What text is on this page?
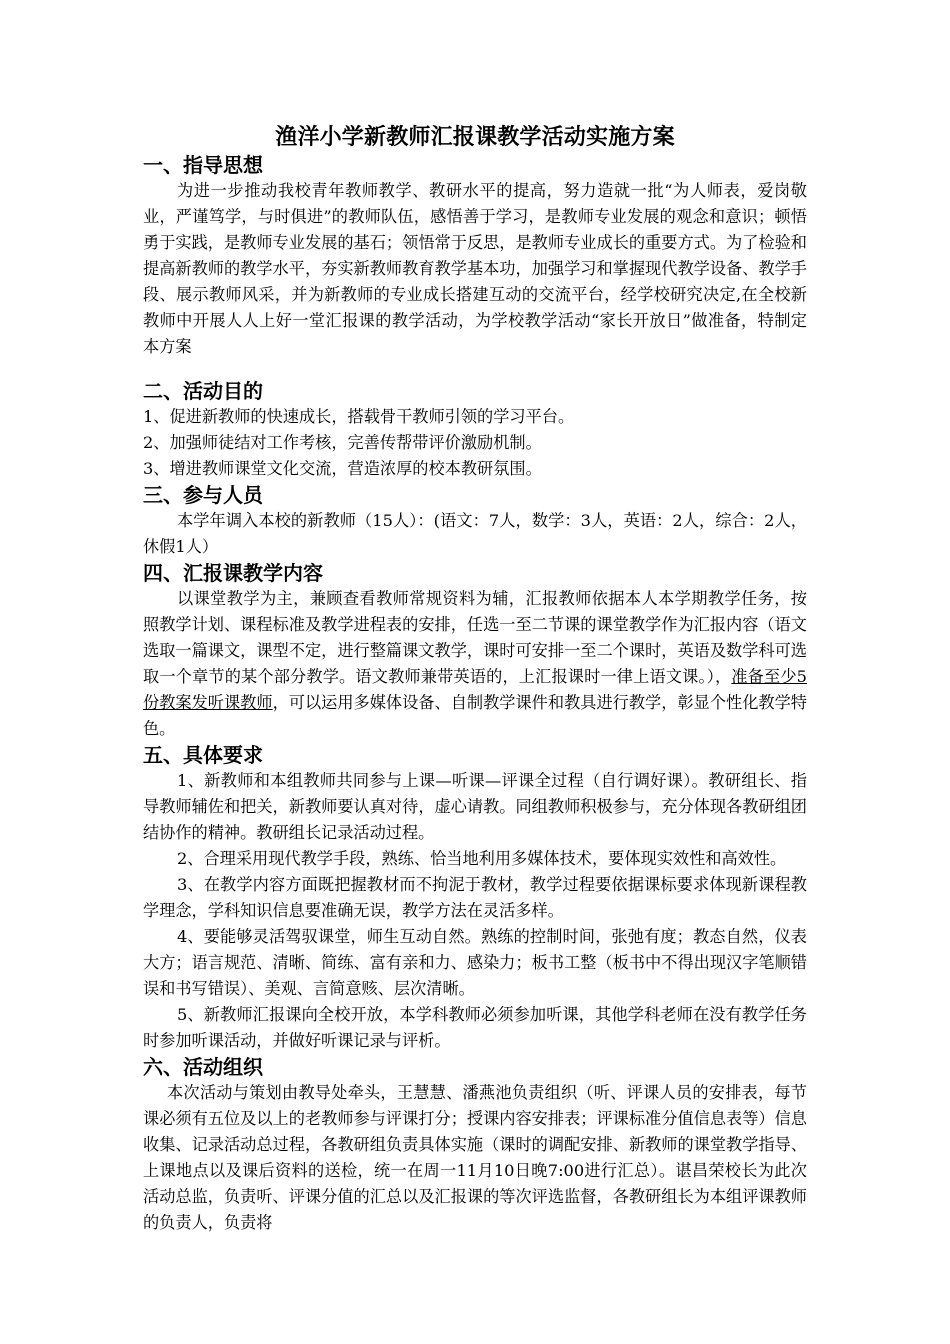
渔洋小学新教师汇报课教学活动实施方案
一、指导思想

为进一步推动我校青年教师教学、教研水平的提高，努力造就一批“为人师表，爱岗敬业，严谨笃学，与时俱进”的教师队伍，感悟善于学习，是教师专业发展的观念和意识；顿悟勇于实践，是教师专业发展的基石；领悟常于反思，是教师专业成长的重要方式。为了检验和提高新教师的教学水平，夯实新教师教育教学基本功，加强学习和掌握现代教学设备、教学手段、展示教师风采，并为新教师的专业成长搭建互动的交流平台，经学校研究决定,在全校新教师中开展人人上好一堂汇报课的教学活动，为学校教学活动“家长开放日”做准备，特制定本方案

二、活动目的

1、促进新教师的快速成长，搭载骨干教师引领的学习平台。

2、加强师徒结对工作考核，完善传帮带评价激励机制。

3、增进教师课堂文化交流，营造浓厚的校本教研氛围。

三、参与人员

本学年调入本校的新教师（15人）：(语文：7人，数学：3人，英语：2人，综合：2人，休假1人）

四、汇报课教学内容

以课堂教学为主，兼顾查看教师常规资料为辅，汇报教师依据本人本学期教学任务，按照教学计划、课程标准及教学进程表的安排，任选一至二节课的课堂教学作为汇报内容（语文选取一篇课文，课型不定，进行整篇课文教学，课时可安排一至二个课时，英语及数学科可选取一个章节的某个部分教学。语文教师兼带英语的，上汇报课时一律上语文课。），准备至少5份教案发听课教师，可以运用多媒体设备、自制教学课件和教具进行教学，彰显个性化教学特色。

五、具体要求

1、新教师和本组教师共同参与上课—听课—评课全过程（自行调好课）。教研组长、指导教师辅佐和把关，新教师要认真对待，虚心请教。同组教师积极参与，充分体现各教研组团结协作的精神。教研组长记录活动过程。

2、合理采用现代教学手段，熟练、恰当地利用多媒体技术，要体现实效性和高效性。

3、在教学内容方面既把握教材而不拘泥于教材，教学过程要依据课标要求体现新课程教学理念，学科知识信息要准确无误，教学方法在灵活多样。

4、要能够灵活驾驭课堂，师生互动自然。熟练的控制时间，张弛有度；教态自然，仪表大方；语言规范、清晰、简练、富有亲和力、感染力；板书工整（板书中不得出现汉字笔顺错误和书写错误）、美观、言简意赅、层次清晰。

5、新教师汇报课向全校开放，本学科教师必须参加听课，其他学科老师在没有教学任务时参加听课活动，并做好听课记录与评析。

六、活动组织

本次活动与策划由教导处牵头，王慧慧、潘燕池负责组织（听、评课人员的安排表，每节课必须有五位及以上的老教师参与评课打分；授课内容安排表；评课标准分值信息表等）信息收集、记录活动总过程，各教研组负责具体实施（课时的调配安排、新教师的课堂教学指导、上课地点以及课后资料的送检，统一在周一11月10日晚7:00进行汇总）。谌昌荣校长为此次活动总监，负责听、评课分值的汇总以及汇报课的等次评选监督，各教研组长为本组评课教师的负责人，负责将
